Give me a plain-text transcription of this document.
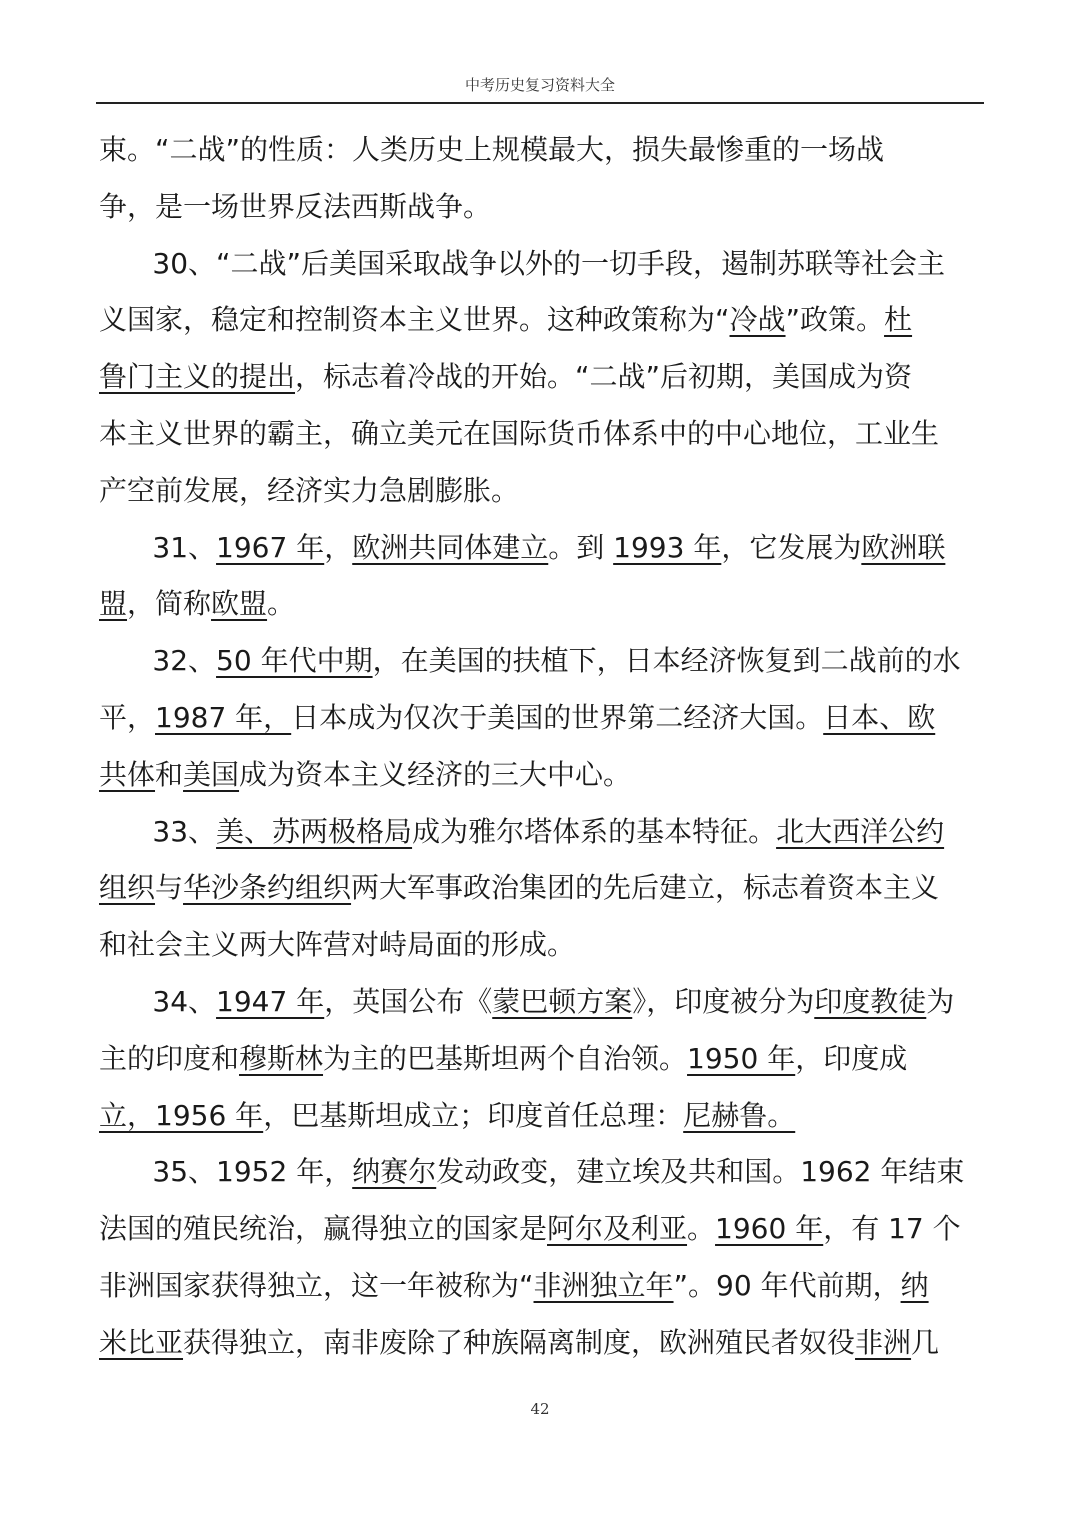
中考历史复习资料大全
束。“二战”的性质：人类历史上规模最大，损失最惨重的一场战
争，是一场世界反法西斯战争。
30、“二战”后美国采取战争以外的一切手段，遏制苏联等社会主
义国家，稳定和控制资本主义世界。这种政策称为“冷战”政策。杜
鲁门主义的提出，标志着冷战的开始。“二战”后初期，美国成为资
本主义世界的霸主，确立美元在国际货币体系中的中心地位，工业生
产空前发展，经济实力急剧膨胀。
31、1967 年，欧洲共同体建立。到 1993 年，它发展为欧洲联
盟，简称欧盟。
32、50 年代中期，在美国的扶植下，日本经济恢复到二战前的水
平，1987 年，日本成为仅次于美国的世界第二经济大国。日本、欧
共体和美国成为资本主义经济的三大中心。
33、美、苏两极格局成为雅尔塔体系的基本特征。北大西洋公约
组织与华沙条约组织两大军事政治集团的先后建立，标志着资本主义
和社会主义两大阵营对峙局面的形成。
34、1947 年，英国公布《蒙巴顿方案》，印度被分为印度教徒为
主的印度和穆斯林为主的巴基斯坦两个自治领。1950 年，印度成
立，1956 年，巴基斯坦成立；印度首任总理：尼赫鲁。
35、1952 年，纳赛尔发动政变，建立埃及共和国。1962 年结束
法国的殖民统治，赢得独立的国家是阿尔及利亚。1960 年，有 17 个
非洲国家获得独立，这一年被称为“非洲独立年”。90 年代前期，纳
米比亚获得独立，南非废除了种族隔离制度，欧洲殖民者奴役非洲几
42
